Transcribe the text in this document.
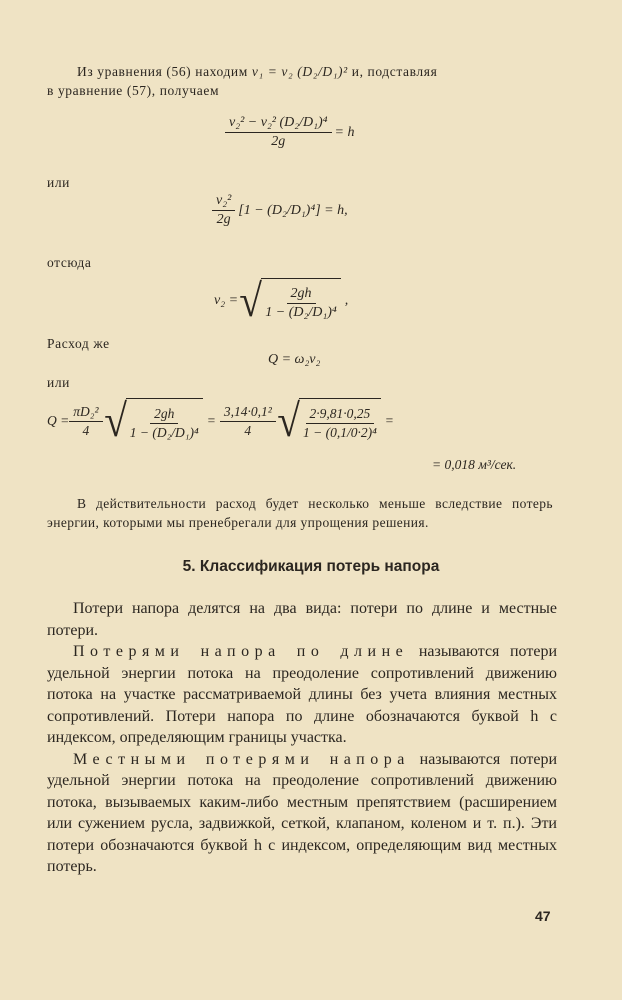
Из уравнения (56) находим v₁ = v₂ (D₂/D₁)² и, подставляя
в уравнение (57), получаем
$\frac{\text{v₂² − v₂² (D₂/D₁)⁴}}{2g} = h$
или
$\frac{\text{v₂²}}{2g} [1 - (D_2/D_1)^4] = h$,
отсюда
v₂ = √ $\frac{2gh}{\text{1 − (D₂/D₁)⁴}}$ ,
Расход же
Q = ω₂v₂
или
$Q = \frac{\text{πD₂²}}{4}$ √ $\frac{2gh}{\text{1 − (D₂/D₁)⁴}} = \frac{\text{3,14·0,1²}}{4}$ √ $\frac{2\cdot 9,81\cdot 0,25}{\text{1 − (0,1/0·2)⁴}}$ =
= 0,018 м³/сек.
В действительности расход будет несколько меньше вследствие потерь энергии, которыми мы пренебрегали для упрощения решения.
5. Классификация потерь напора

Потери напора делятся на два вида: потери по длине и местные потери.

Потерями напора по длине называются потери удельной энергии потока на преодоление сопротивлений движению потока на участке рассматриваемой длины без учета влияния местных сопротивлений. Потери напора по длине обозначаются буквой h с индексом, определяющим границы участка.

Местными потерями напора называются потери удельной энергии потока на преодоление сопротивлений движению потока, вызываемых каким-либо местным препятствием (расширением или сужением русла, задвижкой, сеткой, клапаном, коленом и т. п.). Эти потери обозначаются буквой h с индексом, определяющим вид местных потерь.

47
